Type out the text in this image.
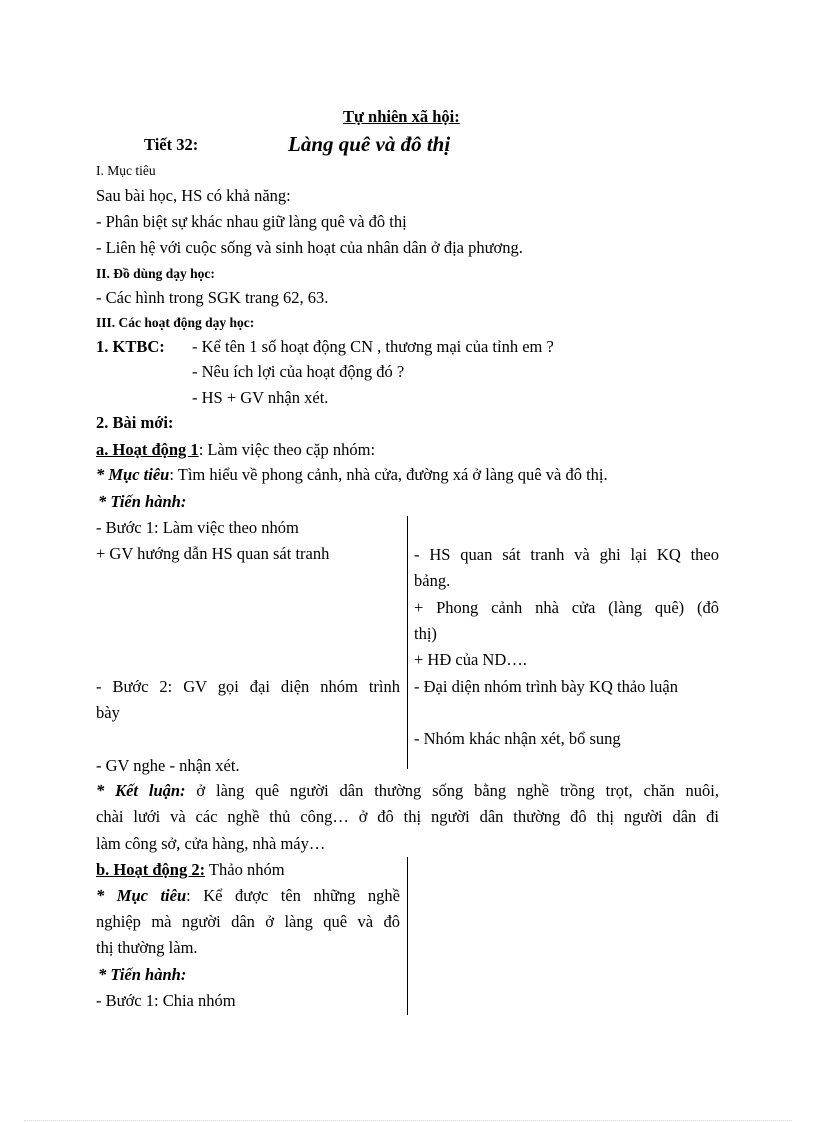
Tự nhiên xã hội:
Tiết 32:	Làng quê và đô thị
I. Mục tiêu
Sau bài học, HS có khả năng:
- Phân biệt sự khác nhau giữ làng quê và đô thị
- Liên hệ với cuộc sống và sinh hoạt của nhân dân ở địa phương.
II. Đồ dùng dạy học:
- Các hình trong SGK trang 62, 63.
III. Các hoạt động dạy học:
1. KTBC: - Kể tên 1 số hoạt động CN , thương mại của tỉnh em ?
- Nêu ích lợi của hoạt động đó ?
- HS + GV nhận xét.
2. Bài mới:
a. Hoạt động 1: Làm việc theo cặp nhóm:
* Mục tiêu: Tìm hiểu về phong cảnh, nhà cửa, đường xá ở làng quê và đô thị.
* Tiến hành:
- Bước 1: Làm việc theo nhóm
+ GV hướng dẫn HS quan sát tranh
- Bước 2: GV gọi đại diện nhóm trình
bày
- HS quan sát tranh và ghi lại KQ theo
bảng.
+ Phong cảnh nhà cửa (làng quê) (đô
thị)
+ HĐ của ND….
- Đại diện nhóm trình bày KQ thảo luận
- Nhóm khác nhận xét, bổ sung
- GV nghe - nhận xét.
* Kết luận: ở làng quê người dân thường sống bằng nghề trồng trọt, chăn nuôi,
chài lưới và các nghề thủ công… ở đô thị người dân thường đô thị người dân đi
làm công sở, cửa hàng, nhà máy…
b. Hoạt động 2: Thảo nhóm
* Mục tiêu: Kể được tên những nghề
nghiệp mà người dân ở làng quê và đô
thị thường làm.
* Tiến hành:
- Bước 1: Chia nhóm
